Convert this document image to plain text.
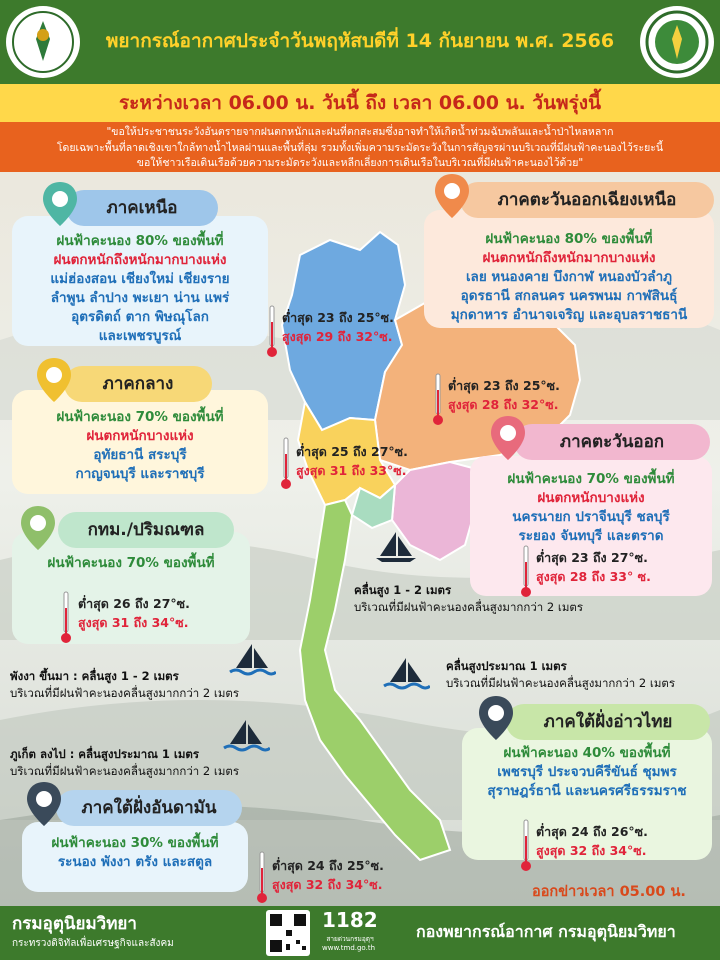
พยากรณ์อากาศประจำวันพฤหัสบดีที่ 14 กันยายน พ.ศ. 2566
ระหว่างเวลา 06.00 น. วันนี้ ถึง เวลา 06.00 น. วันพรุ่งนี้
"ขอให้ประชาชนระวังอันตรายจากฝนตกหนักและฝนที่ตกสะสมซึ่งอาจทำให้เกิดน้ำท่วมฉับพลันและน้ำป่าไหลหลาก
โดยเฉพาะพื้นที่ลาดเชิงเขาใกล้ทางน้ำไหลผ่านและพื้นที่ลุ่ม รวมทั้งเพิ่มความระมัดระวังในการสัญจรผ่านบริเวณที่มีฝนฟ้าคะนองไว้ระยะนี้
ขอให้ชาวเรือเดินเรือด้วยความระมัดระวังและหลีกเลี่ยงการเดินเรือในบริเวณที่มีฝนฟ้าคะนองไว้ด้วย"
ฝนฟ้าคะนอง 80% ของพื้นที่
ฝนตกหนักถึงหนักมากบางแห่ง
แม่ฮ่องสอน เชียงใหม่ เชียงราย
ลำพูน ลำปาง พะเยา น่าน แพร่
อุตรดิตถ์ ตาก พิษณุโลก
และเพชรบูรณ์
ภาคเหนือ
ต่ำสุด 23 ถึง 25°ซ.
สูงสุด 29 ถึง 32°ซ.
ฝนฟ้าคะนอง 80% ของพื้นที่
ฝนตกหนักถึงหนักมากบางแห่ง
เลย หนองคาย บึงกาฬ หนองบัวลำภู
อุดรธานี สกลนคร นครพนม กาฬสินธุ์
มุกดาหาร อำนาจเจริญ และอุบลราชธานี
ภาคตะวันออกเฉียงเหนือ
ต่ำสุด 23 ถึง 25°ซ.
สูงสุด 28 ถึง 32°ซ.
ฝนฟ้าคะนอง 70% ของพื้นที่
ฝนตกหนักบางแห่ง
อุทัยธานี สระบุรี
กาญจนบุรี และราชบุรี
ภาคกลาง
ต่ำสุด 25 ถึง 27°ซ.
สูงสุด 31 ถึง 33°ซ.
ฝนฟ้าคะนอง 70% ของพื้นที่
ฝนตกหนักบางแห่ง
นครนายก ปราจีนบุรี ชลบุรี
ระยอง จันทบุรี และตราด
ภาคตะวันออก
ต่ำสุด 23 ถึง 27°ซ.
สูงสุด 28 ถึง 33° ซ.
ฝนฟ้าคะนอง 70% ของพื้นที่
กทม./ปริมณฑล
ต่ำสุด 26 ถึง 27°ซ.
สูงสุด 31 ถึง 34°ซ.
คลื่นสูง 1 - 2 เมตร
บริเวณที่มีฝนฟ้าคะนองคลื่นสูงมากกว่า 2 เมตร
คลื่นสูงประมาณ 1 เมตร
บริเวณที่มีฝนฟ้าคะนองคลื่นสูงมากกว่า 2 เมตร
พังงา ขึ้นมา : คลื่นสูง 1 - 2 เมตร
บริเวณที่มีฝนฟ้าคะนองคลื่นสูงมากกว่า 2 เมตร
ภูเก็ต ลงไป : คลื่นสูงประมาณ 1 เมตร
บริเวณที่มีฝนฟ้าคะนองคลื่นสูงมากกว่า 2 เมตร
ฝนฟ้าคะนอง 40% ของพื้นที่
เพชรบุรี ประจวบคีรีขันธ์ ชุมพร
สุราษฎร์ธานี และนครศรีธรรมราช
ภาคใต้ฝั่งอ่าวไทย
ต่ำสุด 24 ถึง 26°ซ.
สูงสุด 32 ถึง 34°ซ.
ฝนฟ้าคะนอง 30% ของพื้นที่
ระนอง พังงา ตรัง และสตูล
ภาคใต้ฝั่งอันดามัน
ต่ำสุด 24 ถึง 25°ซ.
สูงสุด 32 ถึง 34°ซ.	ออกข่าวเวลา 05.00 น.
กรมอุตุนิยมวิทยา
กระทรวงดิจิทัลเพื่อเศรษฐกิจและสังคม
1182
สายด่วนกรมอุตุฯ
www.tmd.go.th
กองพยากรณ์อากาศ กรมอุตุนิยมวิทยา
